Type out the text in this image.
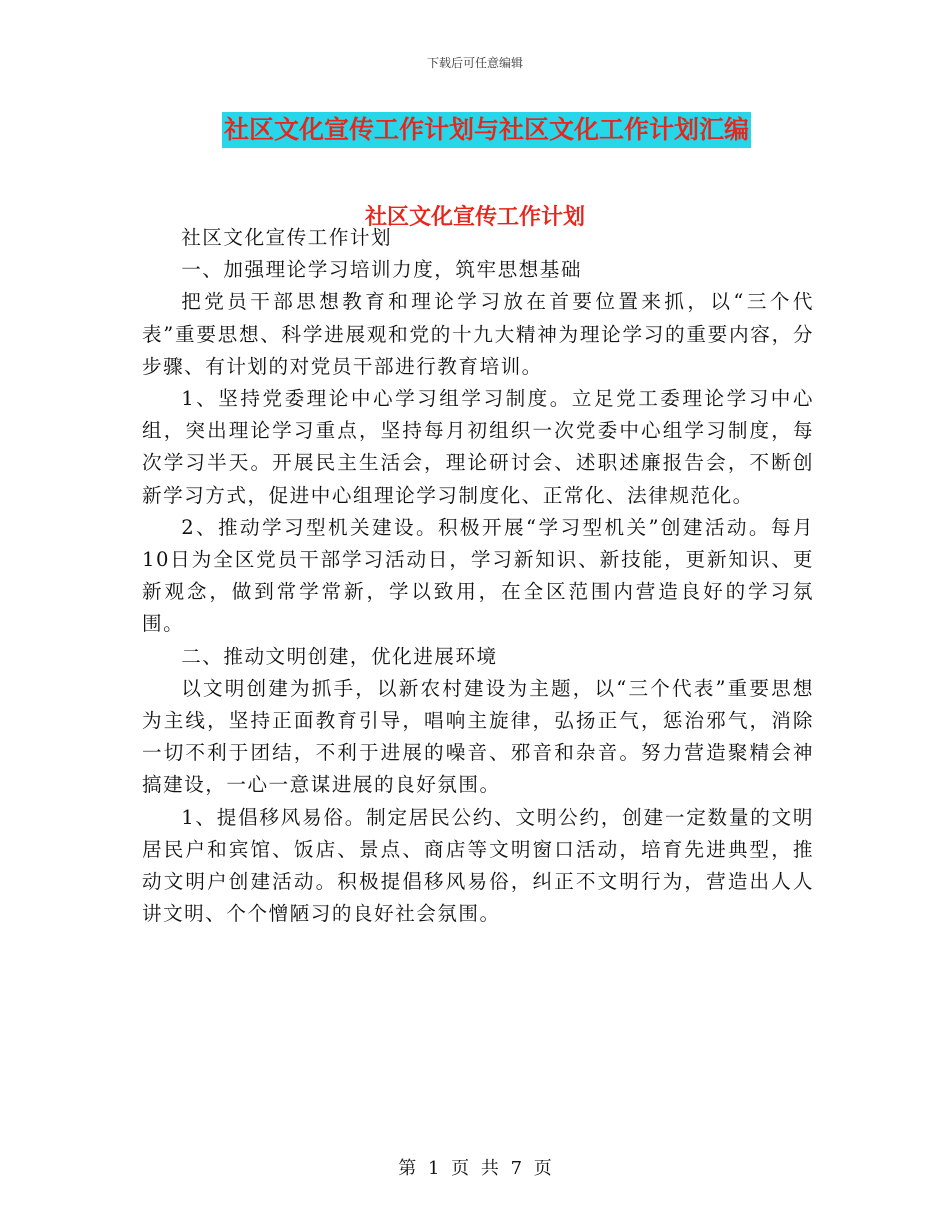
下载后可任意编辑
社区文化宣传工作计划与社区文化工作计划汇编
社区文化宣传工作计划

社区文化宣传工作计划

一、加强理论学习培训力度，筑牢思想基础

把党员干部思想教育和理论学习放在首要位置来抓，以“三个代表”重要思想、科学进展观和党的十九大精神为理论学习的重要内容，分步骤、有计划的对党员干部进行教育培训。

1、坚持党委理论中心学习组学习制度。立足党工委理论学习中心组，突出理论学习重点，坚持每月初组织一次党委中心组学习制度，每次学习半天。开展民主生活会，理论研讨会、述职述廉报告会，不断创新学习方式，促进中心组理论学习制度化、正常化、法律规范化。

2、推动学习型机关建设。积极开展“学习型机关”创建活动。每月10日为全区党员干部学习活动日，学习新知识、新技能，更新知识、更新观念，做到常学常新，学以致用，在全区范围内营造良好的学习氛围。

二、推动文明创建，优化进展环境

以文明创建为抓手，以新农村建设为主题，以“三个代表”重要思想为主线，坚持正面教育引导，唱响主旋律，弘扬正气，惩治邪气，消除一切不利于团结，不利于进展的噪音、邪音和杂音。努力营造聚精会神搞建设，一心一意谋进展的良好氛围。

1、提倡移风易俗。制定居民公约、文明公约，创建一定数量的文明居民户和宾馆、饭店、景点、商店等文明窗口活动，培育先进典型，推动文明户创建活动。积极提倡移风易俗，纠正不文明行为，营造出人人讲文明、个个憎陋习的良好社会氛围。

第 1 页 共 7 页
